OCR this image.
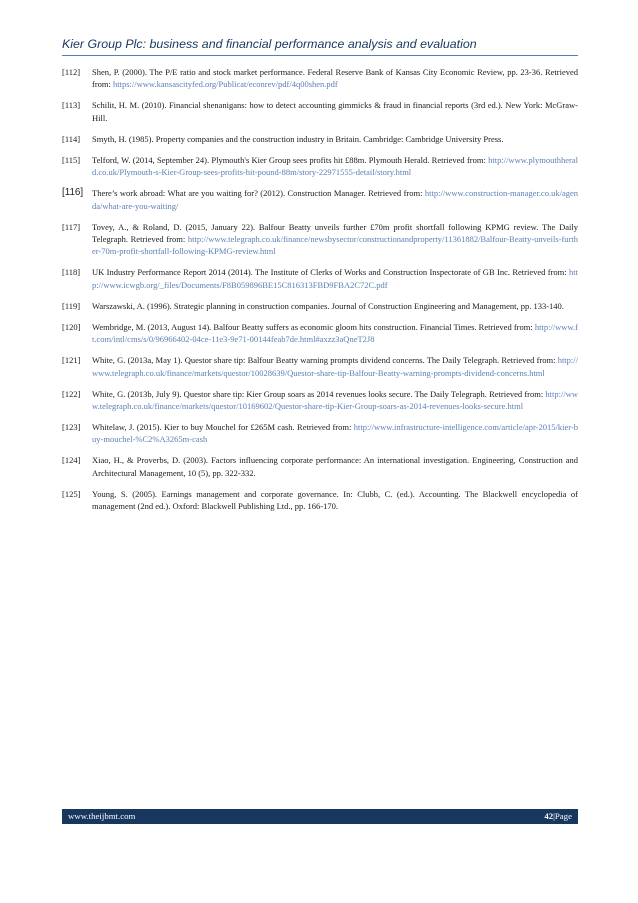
Kier Group Plc: business and financial performance analysis and evaluation
[112]	Shen, P. (2000). The P/E ratio and stock market performance. Federal Reserve Bank of Kansas City Economic Review, pp. 23-36. Retrieved from: https://www.kansascityfed.org/Publicat/econrev/pdf/4q00shen.pdf
[113]	Schilit, H. M. (2010). Financial shenanigans: how to detect accounting gimmicks & fraud in financial reports (3rd ed.). New York: McGraw-Hill.
[114]	Smyth, H. (1985). Property companies and the construction industry in Britain. Cambridge: Cambridge University Press.
[115]	Telford, W. (2014, September 24). Plymouth's Kier Group sees profits hit £88m. Plymouth Herald. Retrieved from: http://www.plymouthherald.co.uk/Plymouth-s-Kier-Group-sees-profits-hit-pound-88m/story-22971555-detail/story.html
[116]	There’s work abroad: What are you waiting for? (2012). Construction Manager. Retrieved from: http://www.construction-manager.co.uk/agenda/what-are-you-waiting/
[117]	Tovey, A., & Roland, D. (2015, January 22). Balfour Beatty unveils further £70m profit shortfall following KPMG review. The Daily Telegraph. Retrieved from: http://www.telegraph.co.uk/finance/newsbysector/constructionandproperty/11361882/Balfour-Beatty-unveils-further-70m-profit-shortfall-following-KPMG-review.html
[118]	UK Industry Performance Report 2014 (2014). The Institute of Clerks of Works and Construction Inspectorate of GB Inc. Retrieved from: http://www.icwgb.org/_files/Documents/F8B059896BE15C816313FBD9FBA2C72C.pdf
[119]	Warszawski, A. (1996). Strategic planning in construction companies. Journal of Construction Engineering and Management, pp. 133-140.
[120]	Wembridge, M. (2013, August 14). Balfour Beatty suffers as economic gloom hits construction. Financial Times. Retrieved from: http://www.ft.com/intl/cms/s/0/96966402-04ce-11e3-9e71-00144feab7de.html#axzz3aQneT2J8
[121]	White, G. (2013a, May 1). Questor share tip: Balfour Beatty warning prompts dividend concerns. The Daily Telegraph. Retrieved from: http://www.telegraph.co.uk/finance/markets/questor/10028639/Questor-share-tip-Balfour-Beatty-warning-prompts-dividend-concerns.html
[122]	White, G. (2013b, July 9). Questor share tip: Kier Group soars as 2014 revenues looks secure. The Daily Telegraph. Retrieved from: http://www.telegraph.co.uk/finance/markets/questor/10169602/Questor-share-tip-Kier-Group-soars-as-2014-revenues-looks-secure.html
[123]	Whitelaw, J. (2015). Kier to buy Mouchel for £265M cash. Retrieved from: http://www.infrastructure-intelligence.com/article/apr-2015/kier-buy-mouchel-%C2%A3265m-cash
[124]	Xiao, H., & Proverbs, D. (2003). Factors influencing corporate performance: An international investigation. Engineering, Construction and Architectural Management, 10 (5), pp. 322-332.
[125]	Young, S. (2005). Earnings management and corporate governance. In: Clubb, C. (ed.). Accounting. The Blackwell encyclopedia of management (2nd ed.). Oxford: Blackwell Publishing Ltd., pp. 166-170.
www.theijbmt.com	42|Page
